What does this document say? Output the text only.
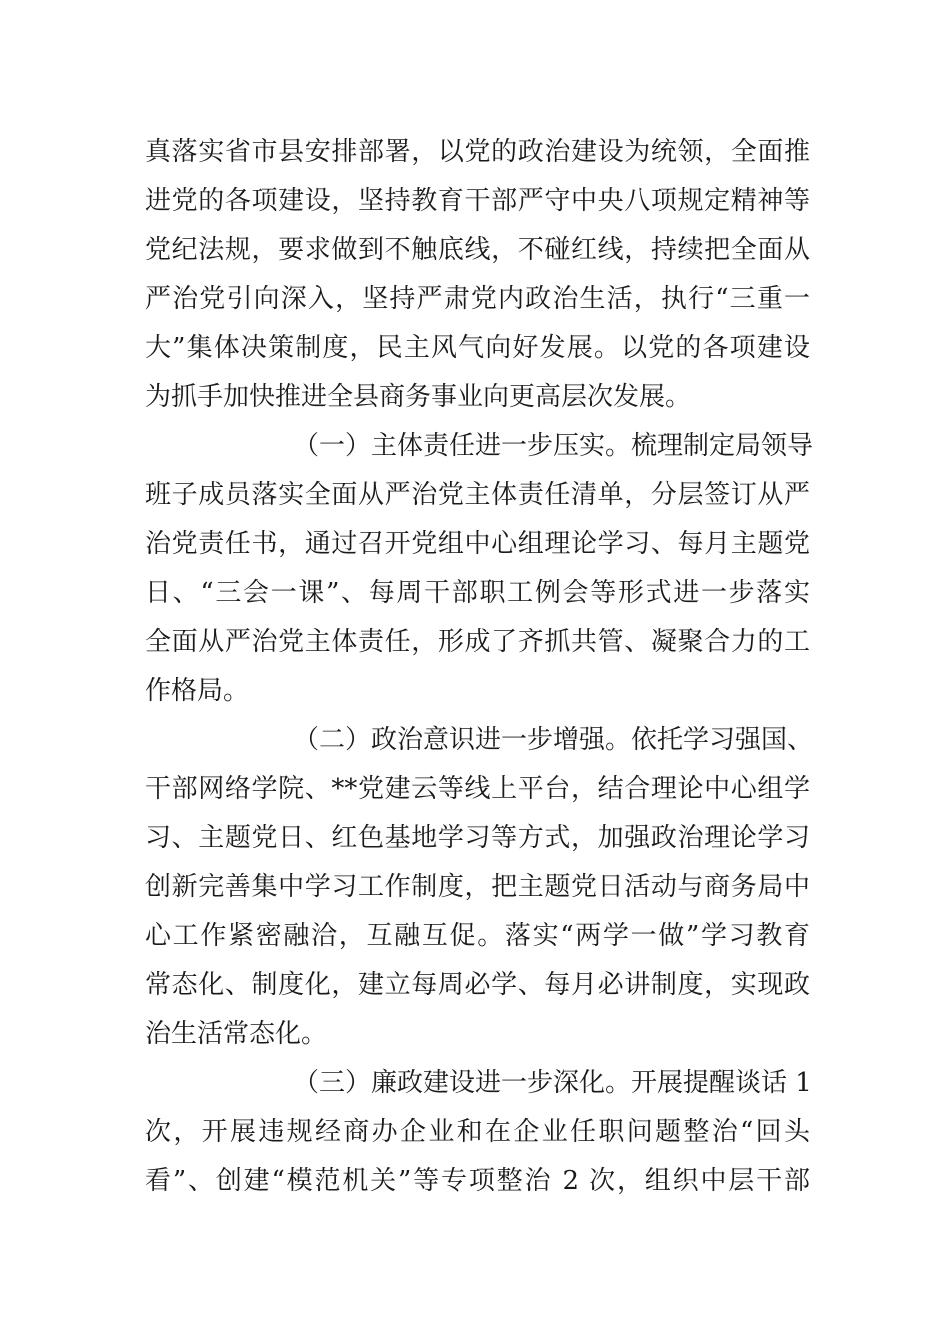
真落实省市县安排部署，以党的政治建设为统领，全面推
进党的各项建设，坚持教育干部严守中央八项规定精神等
党纪法规，要求做到不触底线，不碰红线，持续把全面从
严治党引向深入，坚持严肃党内政治生活，执行“三重一
大”集体决策制度，民主风气向好发展。以党的各项建设
为抓手加快推进全县商务事业向更高层次发展。
（一）主体责任进一步压实。梳理制定局领导
班子成员落实全面从严治党主体责任清单，分层签订从严
治党责任书，通过召开党组中心组理论学习、每月主题党
日、“三会一课”、每周干部职工例会等形式进一步落实
全面从严治党主体责任，形成了齐抓共管、凝聚合力的工
作格局。
（二）政治意识进一步增强。依托学习强国、
干部网络学院、**党建云等线上平台，结合理论中心组学
习、主题党日、红色基地学习等方式，加强政治理论学习
创新完善集中学习工作制度，把主题党日活动与商务局中
心工作紧密融洽，互融互促。落实“两学一做”学习教育
常态化、制度化，建立每周必学、每月必讲制度，实现政
治生活常态化。
（三）廉政建设进一步深化。开展提醒谈话 1
次，开展违规经商办企业和在企业任职问题整治“回头
看”、创建“模范机关”等专项整治 2 次，组织中层干部
